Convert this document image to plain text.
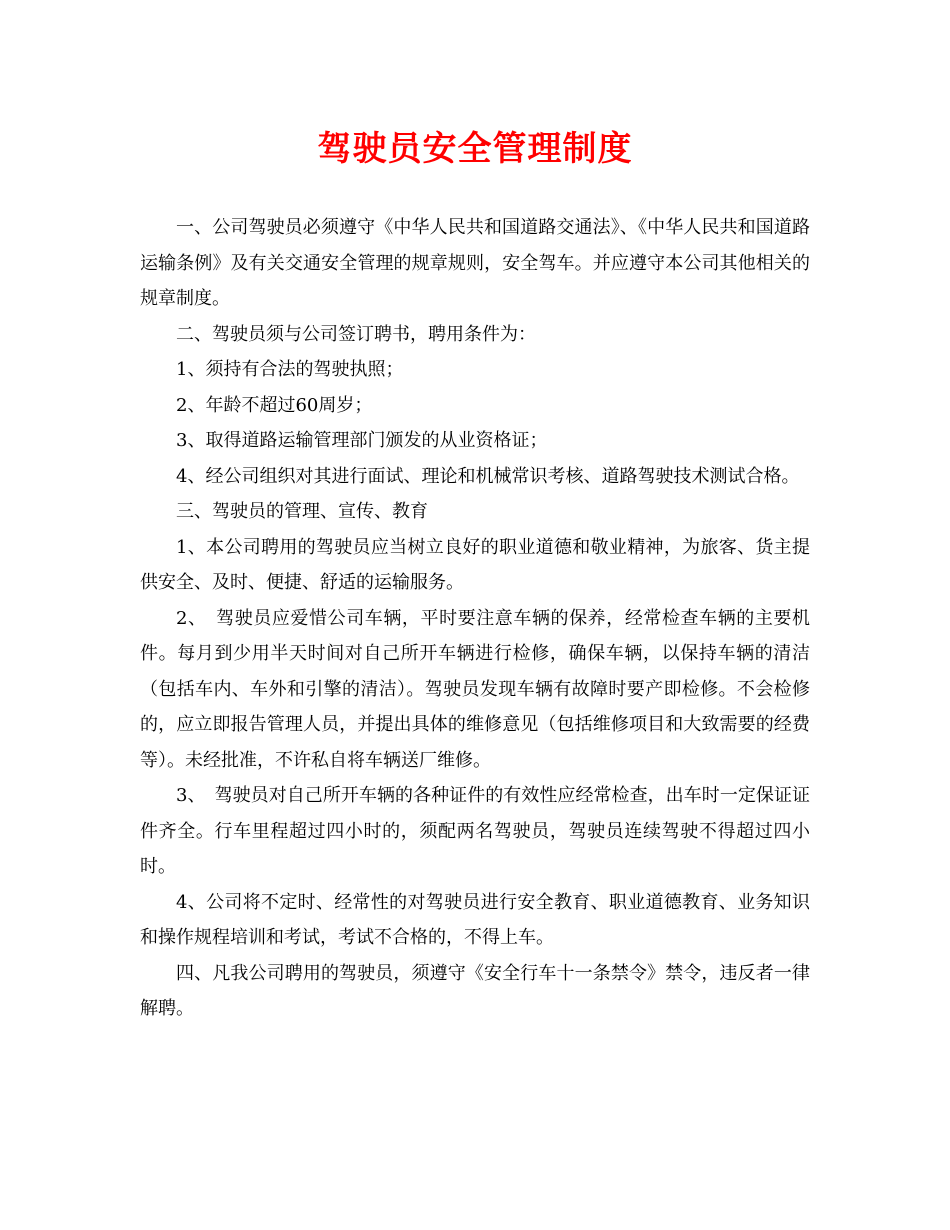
驾驶员安全管理制度

一、公司驾驶员必须遵守《中华人民共和国道路交通法》、《中华人民共和国道路运输条例》及有关交通安全管理的规章规则，安全驾车。并应遵守本公司其他相关的规章制度。

二、驾驶员须与公司签订聘书，聘用条件为：

1、须持有合法的驾驶执照；

2、年龄不超过60周岁；

3、取得道路运输管理部门颁发的从业资格证；

4、经公司组织对其进行面试、理论和机械常识考核、道路驾驶技术测试合格。

三、驾驶员的管理、宣传、教育

1、本公司聘用的驾驶员应当树立良好的职业道德和敬业精神，为旅客、货主提供安全、及时、便捷、舒适的运输服务。

2、　驾驶员应爱惜公司车辆，平时要注意车辆的保养，经常检查车辆的主要机件。每月到少用半天时间对自己所开车辆进行检修，确保车辆，以保持车辆的清洁（包括车内、车外和引擎的清洁）。驾驶员发现车辆有故障时要产即检修。不会检修的，应立即报告管理人员，并提出具体的维修意见（包括维修项目和大致需要的经费等）。未经批准，不许私自将车辆送厂维修。

3、　驾驶员对自己所开车辆的各种证件的有效性应经常检查，出车时一定保证证件齐全。行车里程超过四小时的，须配两名驾驶员，驾驶员连续驾驶不得超过四小时。

4、公司将不定时、经常性的对驾驶员进行安全教育、职业道德教育、业务知识和操作规程培训和考试，考试不合格的，不得上车。

四、凡我公司聘用的驾驶员，须遵守《安全行车十一条禁令》禁令，违反者一律解聘。
